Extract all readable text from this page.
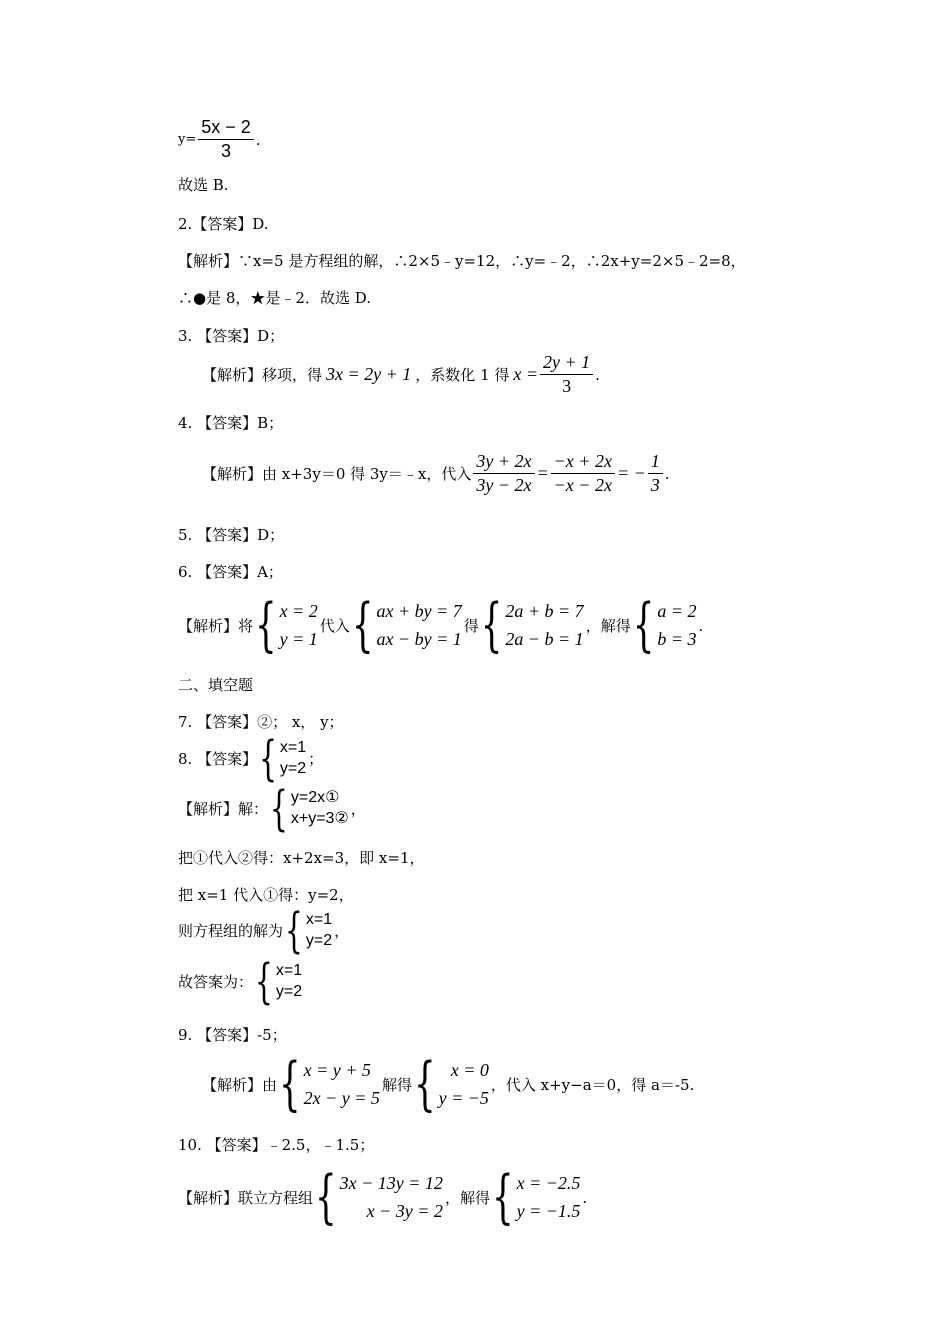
$y= \frac{5x - 2}{3}$ .
故选 B.
2.【答案】D.
【解析】∵x=5 是方程组的解，∴2×5﹣y=12，∴y=﹣2，∴2x+y=2×5﹣2=8，
∴●是 8，★是﹣2．故选 D.
3. 【答案】D；
【解析】移项，得 3x = 2y + 1 ，系数化 1 得 $x = \frac{2y + 1}{3}$ .
4. 【答案】B；
【解析】由 x+3y＝0 得 3y＝﹣x，代入 $\frac{3y + 2x}{3y - 2x} = \frac{-x + 2x}{-x - 2x}$ = − $\frac{1}{3}$ .
5. 【答案】D；
6. 【答案】A；
【解析】将 { x = 2
y = 1
代入 { ax + by = 7
ax − by = 1
得 { 2a + b = 7
2a − b = 1
，解得 { a = 2
b = 3
.
二、填空题
7. 【答案】②； x， y；
8. 【答案】 { x=1
y=2 ；
【解析】解： { y=2x①
x+y=3② ，
把①代入②得：x+2x=3，即 x=1，
把 x=1 代入①得：y=2，
则方程组的解为 { x=1
y=2 ，
故答案为： { x=1
y=2
9. 【答案】-5；
【解析】由 { x = y + 5
2x − y = 5
解得 { x = 0
y = −5
，代入 x+y−a＝0，得 a＝-5.
10. 【答案】﹣2.5，﹣1.5；
【解析】联立方程组 { 3x − 13y = 12
x − 3y = 2
，解得 { x = −2.5
y = −1.5
.
